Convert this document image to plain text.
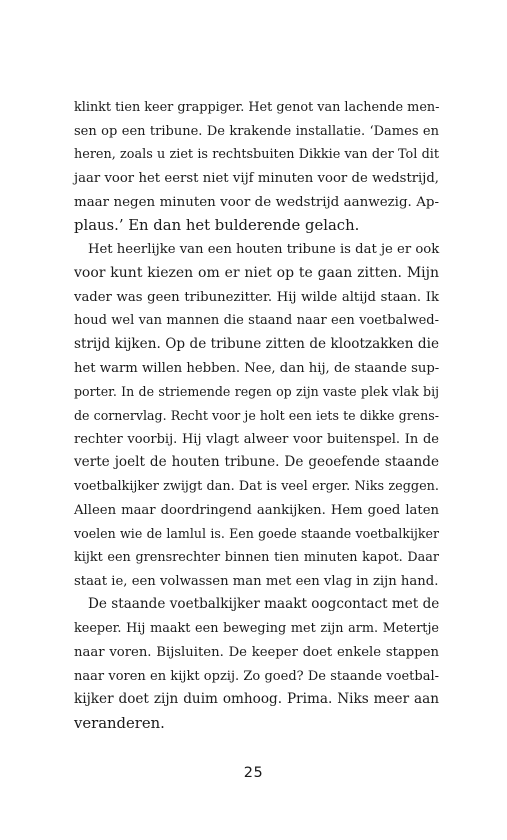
klinkt tien keer grappiger. Het genot van lachende men-
sen op een tribune. De krakende installatie. ‘Dames en
heren, zoals u ziet is rechtsbuiten Dikkie van der Tol dit
jaar voor het eerst niet vijf minuten voor de wedstrijd,
maar negen minuten voor de wedstrijd aanwezig. Ap-
plaus.’ En dan het bulderende gelach.
Het heerlijke van een houten tribune is dat je er ook
voor kunt kiezen om er niet op te gaan zitten. Mijn
vader was geen tribunezitter. Hij wilde altijd staan. Ik
houd wel van mannen die staand naar een voetbalwed-
strijd kijken. Op de tribune zitten de klootzakken die
het warm willen hebben. Nee, dan hij, de staande sup-
porter. In de striemende regen op zijn vaste plek vlak bij
de cornervlag. Recht voor je holt een iets te dikke grens-
rechter voorbij. Hij vlagt alweer voor buitenspel. In de
verte joelt de houten tribune. De geoefende staande
voetbalkijker zwijgt dan. Dat is veel erger. Niks zeggen.
Alleen maar doordringend aankijken. Hem goed laten
voelen wie de lamlul is. Een goede staande voetbalkijker
kijkt een grensrechter binnen tien minuten kapot. Daar
staat ie, een volwassen man met een vlag in zijn hand.
De staande voetbalkijker maakt oogcontact met de
keeper. Hij maakt een beweging met zijn arm. Metertje
naar voren. Bijsluiten. De keeper doet enkele stappen
naar voren en kijkt opzij. Zo goed? De staande voetbal-
kijker doet zijn duim omhoog. Prima. Niks meer aan
veranderen.
25
